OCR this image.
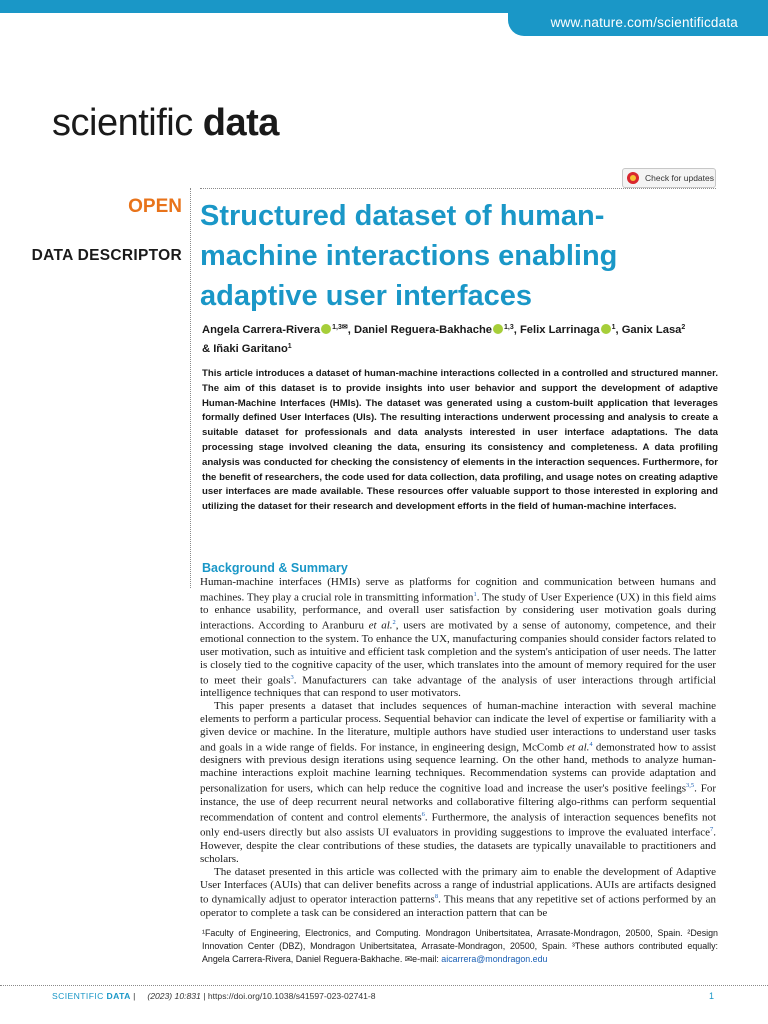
www.nature.com/scientificdata
scientific data
Check for updates
OPEN
DATA DESCRIPTOR
Structured dataset of human-machine interactions enabling adaptive user interfaces
Angela Carrera-Rivera $^{1,3✉}$, Daniel Reguera-Bakhache $^{1,3}$, Felix Larrinaga $^1$, Ganix Lasa$^2$
& Iñaki Garitano$^1$

This article introduces a dataset of human-machine interactions collected in a controlled and structured manner. The aim of this dataset is to provide insights into user behavior and support the development of adaptive Human-Machine Interfaces (HMIs). The dataset was generated using a custom-built application that leverages formally defined User Interfaces (UIs). The resulting interactions underwent processing and analysis to create a suitable dataset for professionals and data analysts interested in user interface adaptations. The data processing stage involved cleaning the data, ensuring its consistency and completeness. A data profiling analysis was conducted for checking the consistency of elements in the interaction sequences. Furthermore, for the benefit of researchers, the code used for data collection, data profiling, and usage notes on creating adaptive user interfaces are made available. These resources offer valuable support to those interested in exploring and utilizing the dataset for their research and development efforts in the field of human-machine interfaces.

Background & Summary

Human-machine interfaces (HMIs) serve as platforms for cognition and communication between humans and machines. They play a crucial role in transmitting information$^1$. The study of User Experience (UX) in this field aims to enhance usability, performance, and overall user satisfaction by considering user motivation goals during interactions. According to Aranburu et al.$^2$, users are motivated by a sense of autonomy, competence, and their emotional connection to the system. To enhance the UX, manufacturing companies should consider factors related to user motivation, such as intuitive and efficient task completion and the system's anticipation of user needs. The latter is closely tied to the cognitive capacity of the user, which translates into the amount of memory required for the user to meet their goals$^3$. Manufacturers can take advantage of the analysis of user interactions through artificial intelligence techniques that can respond to user motivators.

This paper presents a dataset that includes sequences of human-machine interaction with several machine elements to perform a particular process. Sequential behavior can indicate the level of expertise or familiarity with a given device or machine. In the literature, multiple authors have studied user interactions to understand user tasks and goals in a wide range of fields. For instance, in engineering design, McComb et al.$^4$ demonstrated how to assist designers with previous design iterations using sequence learning. On the other hand, methods to analyze human-machine interactions exploit machine learning techniques. Recommendation systems can provide adaptation and personalization for users, which can help reduce the cognitive load and increase the user's positive feelings$^{3,5}$. For instance, the use of deep recurrent neural networks and collaborative filtering algo-rithms can perform sequential recommendation of content and control elements$^6$. Furthermore, the analysis of interaction sequences benefits not only end-users directly but also assists UI evaluators in providing suggestions to improve the evaluated interface$^7$. However, despite the clear contributions of these studies, the datasets are typically unavailable to practitioners and scholars.

The dataset presented in this article was collected with the primary aim to enable the development of Adaptive User Interfaces (AUIs) that can deliver benefits across a range of industrial applications. AUIs are artifacts designed to dynamically adjust to operator interaction patterns$^8$. This means that any repetitive set of actions performed by an operator to complete a task can be considered an interaction pattern that can be

¹Faculty of Engineering, Electronics, and Computing. Mondragon Unibertsitatea, Arrasate-Mondragon, 20500, Spain. ²Design Innovation Center (DBZ), Mondragon Unibertsitatea, Arrasate-Mondragon, 20500, Spain. ³These authors contributed equally: Angela Carrera-Rivera, Daniel Reguera-Bakhache. ✉e-mail: aicarrera@mondragon.edu
SCIENTIFIC DATA | (2023) 10:831 | https://doi.org/10.1038/s41597-023-02741-8	1
